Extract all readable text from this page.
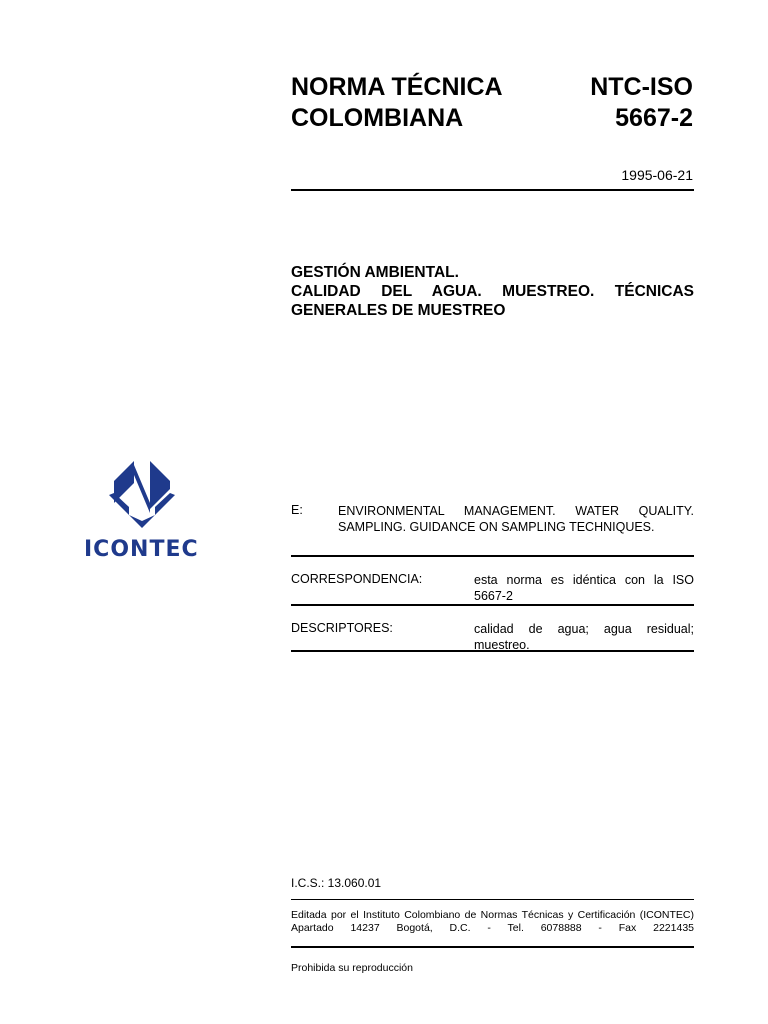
NORMA TÉCNICA
COLOMBIANA
NTC-ISO
5667-2
1995-06-21
GESTIÓN AMBIENTAL.
CALIDAD DEL AGUA. MUESTREO. TÉCNICAS
GENERALES DE MUESTREO
ICONTEC
E:	ENVIRONMENTAL MANAGEMENT. WATER QUALITY.
SAMPLING. GUIDANCE ON SAMPLING TECHNIQUES.
CORRESPONDENCIA:	esta norma es idéntica con la ISO
5667-2
DESCRIPTORES:	calidad de agua; agua residual;
muestreo.
I.C.S.: 13.060.01
Editada por el Instituto Colombiano de Normas Técnicas y Certificación (ICONTEC)
Apartado 14237 Bogotá, D.C. - Tel. 6078888 - Fax 2221435
Prohibida su reproducción
